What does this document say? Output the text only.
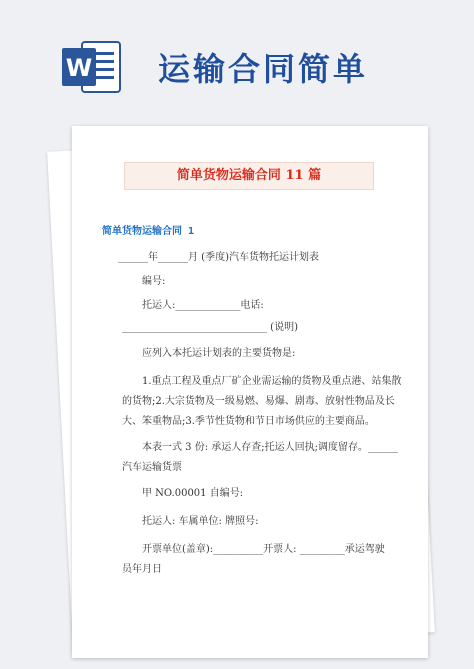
W 运输合同简单
简单货物运输合同 11 篇
简单货物运输合同 1
______年______月 (季度)汽车货物托运计划表
编号:
托运人:_____________电话:
_____________________________ (说明)
应列入本托运计划表的主要货物是:
1.重点工程及重点厂矿企业需运输的货物及重点港、站集散
的货物;2.大宗货物及一级易燃、易爆、剧毒、放射性物品及长
大、笨重物品;3.季节性货物和节日市场供应的主要商品。
本表一式 3 份: 承运人存查;托运人回执;调度留存。______
汽车运输货票
甲 NO.00001 自编号:
托运人: 车属单位: 牌照号:
开票单位(盖章):__________开票人: _________承运驾驶
员年月日
